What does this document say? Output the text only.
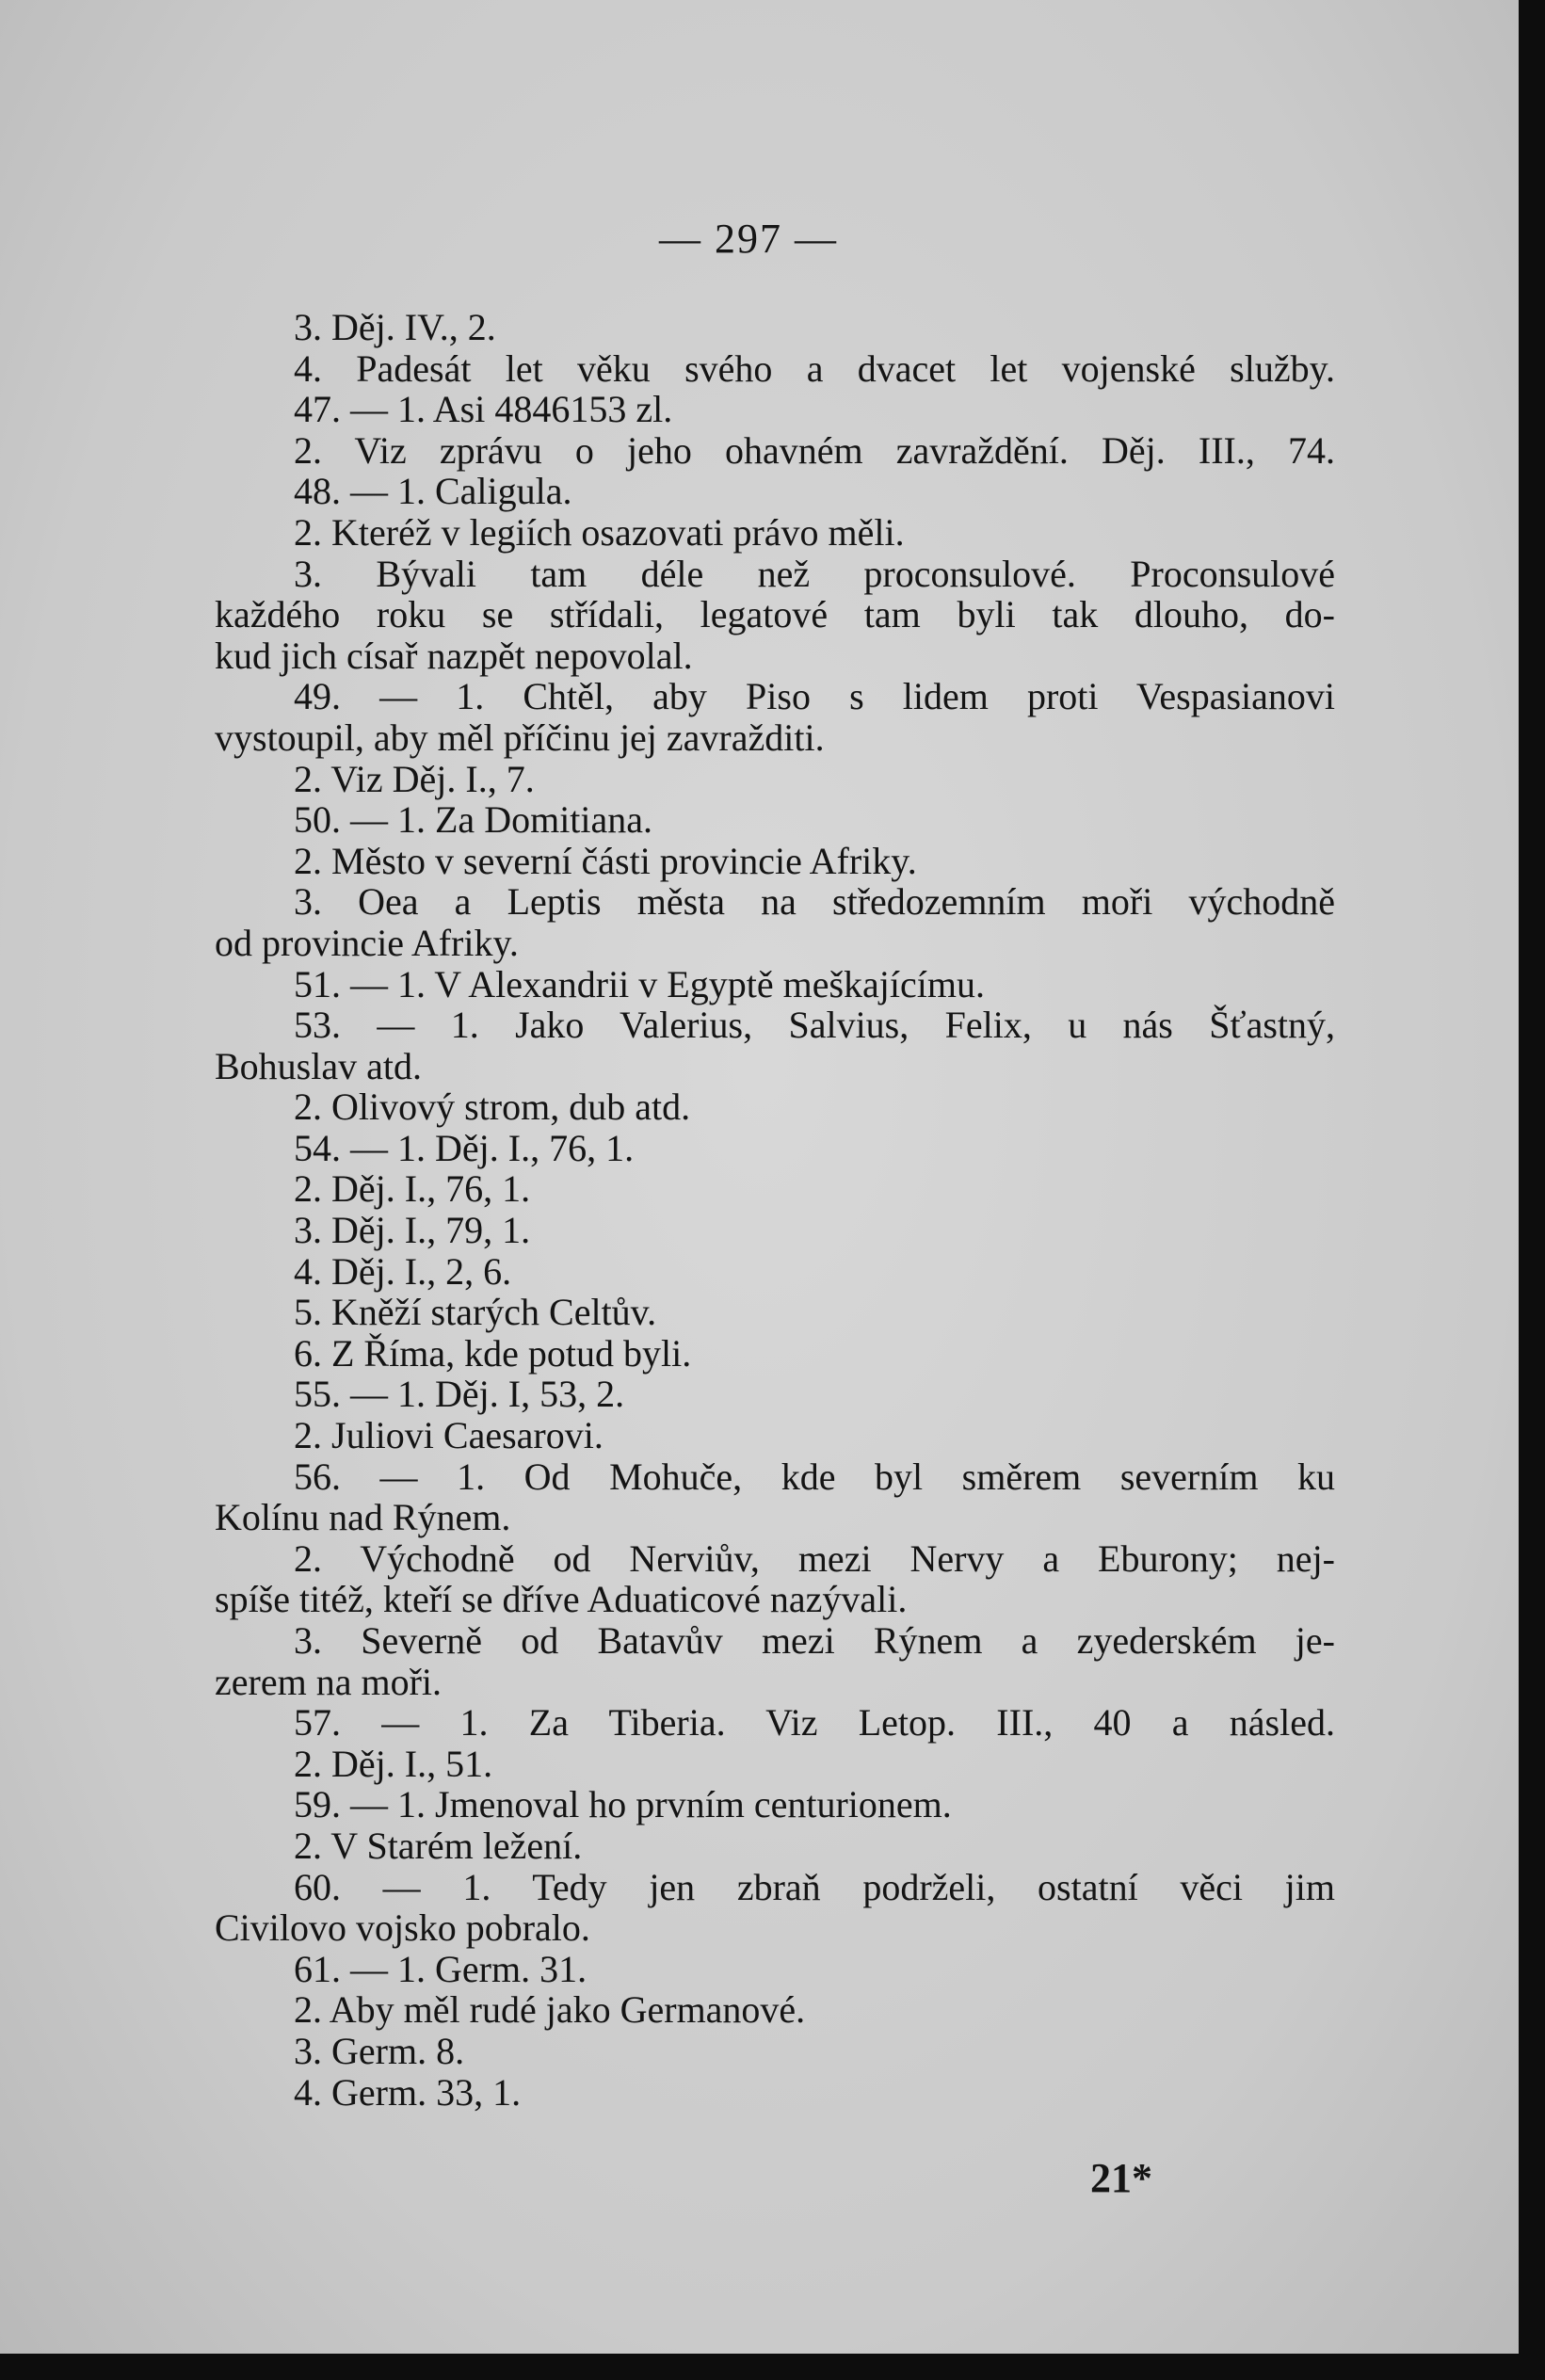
— 297 —
3. Děj. IV., 2.
4. Padesát let věku svého a dvacet let vojenské služby.
47. — 1. Asi 4846153 zl.
2. Viz zprávu o jeho ohavném zavraždění. Děj. III., 74.
48. — 1. Caligula.
2. Kteréž v legiích osazovati právo měli.
3. Bývali tam déle než proconsulové. Proconsulové
každého roku se střídali, legatové tam byli tak dlouho, do-
kud jich císař nazpět nepovolal.
49. — 1. Chtěl, aby Piso s lidem proti Vespasianovi
vystoupil, aby měl příčinu jej zavražditi.
2. Viz Děj. I., 7.
50. — 1. Za Domitiana.
2. Město v severní části provincie Afriky.
3. Oea a Leptis města na středozemním moři východně
od provincie Afriky.
51. — 1. V Alexandrii v Egyptě meškajícímu.
53. — 1. Jako Valerius, Salvius, Felix, u nás Šťastný,
Bohuslav atd.
2. Olivový strom, dub atd.
54. — 1. Děj. I., 76, 1.
2. Děj. I., 76, 1.
3. Děj. I., 79, 1.
4. Děj. I., 2, 6.
5. Kněží starých Celtův.
6. Z Říma, kde potud byli.
55. — 1. Děj. I, 53, 2.
2. Juliovi Caesarovi.
56. — 1. Od Mohuče, kde byl směrem severním ku
Kolínu nad Rýnem.
2. Východně od Nerviův, mezi Nervy a Eburony; nej-
spíše titéž, kteří se dříve Aduaticové nazývali.
3. Severně od Batavův mezi Rýnem a zyederském je-
zerem na moři.
57. — 1. Za Tiberia. Viz Letop. III., 40 a násled.
2. Děj. I., 51.
59. — 1. Jmenoval ho prvním centurionem.
2. V Starém ležení.
60. — 1. Tedy jen zbraň podrželi, ostatní věci jim
Civilovo vojsko pobralo.
61. — 1. Germ. 31.
2. Aby měl rudé jako Germanové.
3. Germ. 8.
4. Germ. 33, 1.
21*
